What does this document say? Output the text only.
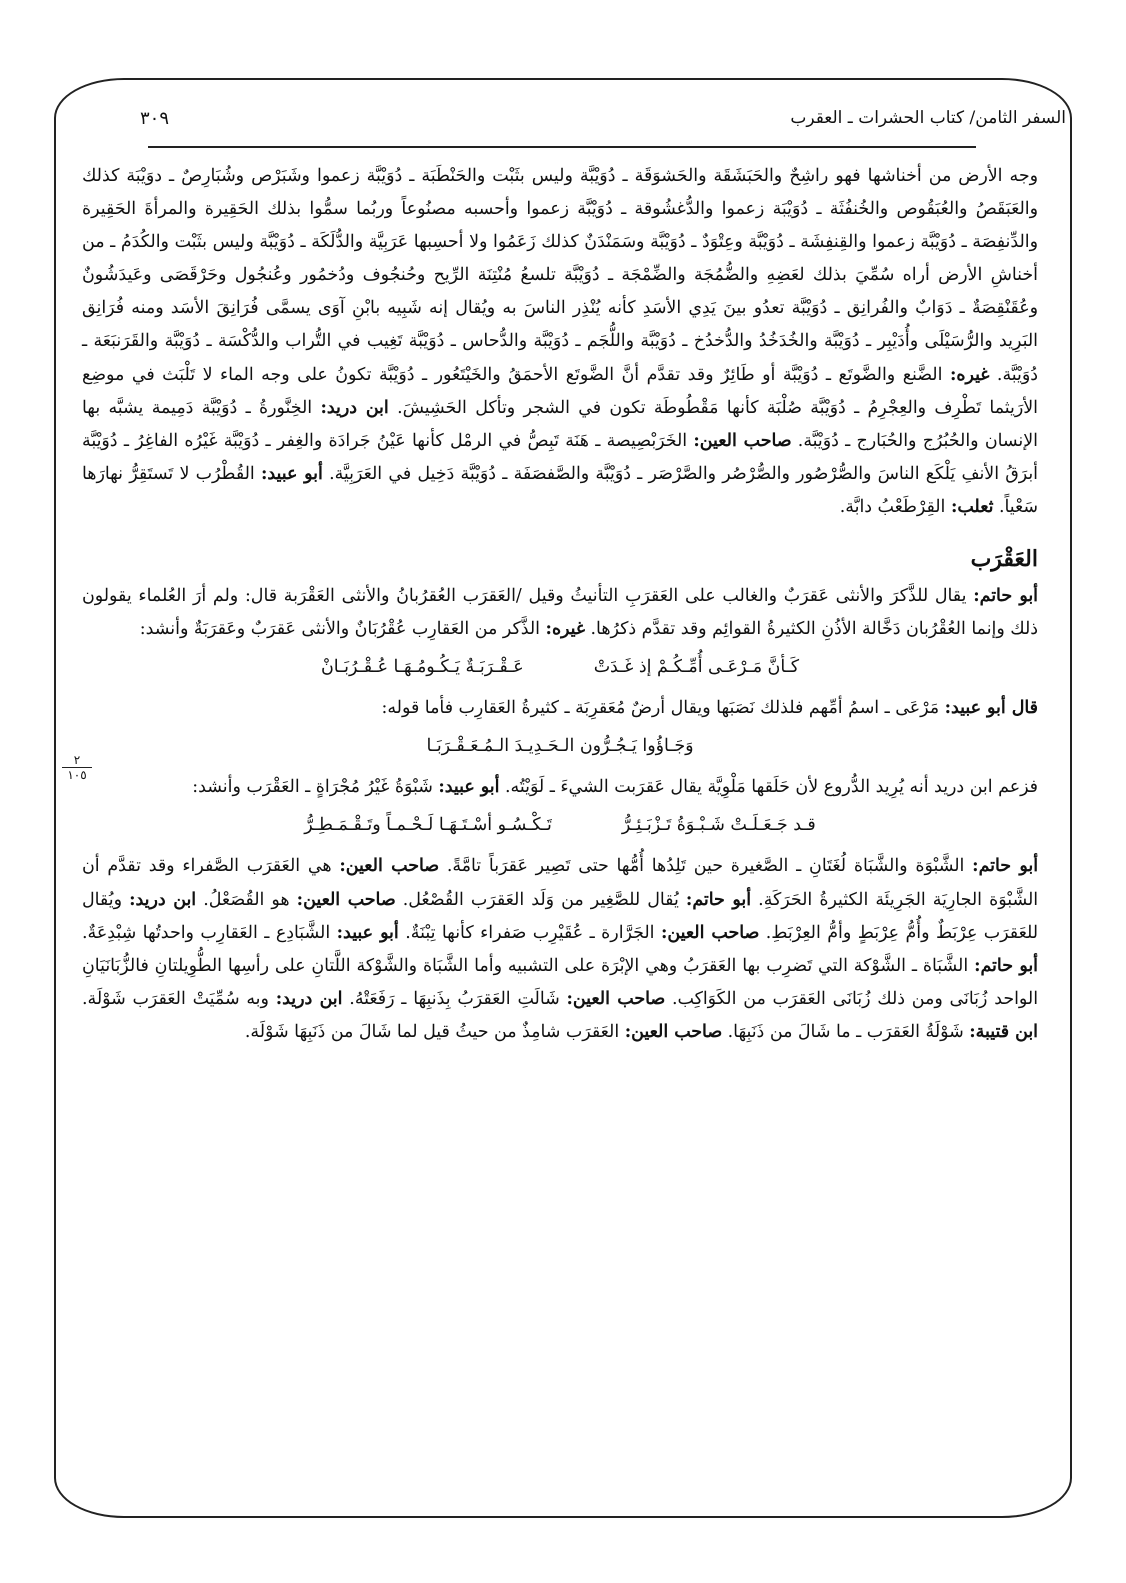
السفر الثامن/ كتاب الحشرات ـ العقرب
٣٠٩
٢
١٠٥

وجه الأرض من أخناشها فهو راشِحٌ والحَبَشَقَة والحَشوَقَة ـ دُوَيْبَّة وليس بثَبْت والحَنْطَبَة ـ دُوَيْبَّة زعموا وشَبَرْص وشُبَارِصٌ ـ دوَيْبَة كذلك والعَبَقَصُ والعُبَقُوص والخُنفُثَة ـ دُوَيْبَة زعموا والدُّغشُوقة ـ دُوَيْبَّة زعموا وأحسبه مصنُوعاً وربُما سمُّوا بذلك الحَقِيرة والمرأةَ الحَقِيرة والدِّنفِصَة ـ دُوَيْبَّة زعموا والقِنفِشَة ـ دُوَيْبَّة وعِتْوَدٌ ـ دُوَيْبَّة وسَمَنْدَنٌ كذلك زَعَمُوا ولا أحسِبها عَرَبِيَّة والدُّلَكَة ـ دُوَيْبَّة وليس بثَبْت والكُدَمُ ـ من أخناشِ الأرض أراه سُمِّيَ بذلك لعَضِهِ والضُّمُجَة والضِّمْجَة ـ دُوَيْبَّة تلسعُ مُنْتِنَة الرِّيح وحُنجُوف ودُخمُور وعُنجُول وحَرْقَصَى وعَيدَشُونٌ وعُقَنْقِصَةٌ ـ دَوَابٌ والفُرانِق ـ دُوَيْبَّة تعدُو بينَ يَدِي الأسَدِ كأنه يُنْذِر الناسَ به ويُقال إنه شَبِيه بابْنِ آوَى يسمَّى فُرَانِقَ الأسَد ومنه فُرَانِق البَرِيد والرُّسَيْلَى وأُدَيْبِر ـ دُوَيْبَّة والخُدَخُدُ والدُّخدُخ ـ دُوَيْبَّة واللُّجَم ـ دُوَيْبَّة والدُّحاس ـ دُوَيْبَّة تَغِيب في التُّراب والدُّكْسَة ـ دُوَيْبَّة والقَرَنبَعَة ـ دُوَيْبَّة. غيره: الضَّنع والضَّوتَع ـ دُوَيْبَّة أو طَائِرٌ وقد تقدَّم أنَّ الضَّوتَع الأحمَقُ والخَيْتَعُور ـ دُوَيْبَّة تكونُ على وجه الماء لا تَلْبَث في موضِع الأرَيثما تَطْرِف والعِجْرِمُ ـ دُوَيْبَّة صُلْبَة كأنها مَقْطُوطَة تكون في الشجر وتأكل الحَشِيشَ. ابن دريد: الخِنَّورةُ ـ دُوَيْبَّة دَمِيمة يشبَّه بها الإنسان والحُبُرُج والحُبَارج ـ دُوَيْبَّة. صاحب العين: الخَرَبْصِيصة ـ هَنَة تَبِصُّ في الرمْل كأنها عَيْنُ جَرادَة والغِفر ـ دُوَيْبَّة غَيْرُه الفاغِرُ ـ دُوَيْبَّة أبرَقُ الأنفِ يَلْكَع الناسَ والصُّرْصُور والصُّرْصُر والصَّرْصَر ـ دُوَيْبَّة والصَّفصَفَة ـ دُوَيْبَّة دَخِيل في العَرَبِيَّة. أبو عبيد: القُطْرُب لا تَستَقِرُّ نهارَها سَعْياً. ثعلب: القِرْطَعْبُ دابَّة.

العَقْرَب

أبو حاتم: يقال للذَّكرَ والأنثى عَقرَبٌ والغالب على العَقرَبِ التأنيثُ وقيل /العَقرَب العُقرُبانُ والأنثى العَقْرَبة قال: ولم أرَ العُلماء يقولون ذلك وإنما العُقْرُبان دَخَّالة الأذُنِ الكثيرةُ القوائِم وقد تقدَّم ذكرُها. غيره: الذَّكر من العَقارِب عُقْرُبَانٌ والأنثى عَقرَبٌ وعَقرَبَةٌ وأنشد:

كَـأنَّ مَـرْعَـى أُمِّـكُـمْ إذ غَـدَتْ
عَـقْـرَبَـةٌ يَـكُـومُـهَـا عُـقْـرُبَـانْ

قال أبو عبيد: مَرْعَى ـ اسمُ أمِّهم فلذلك نَصَبَها ويقال أرضٌ مُعَقرِبَة ـ كثيرةُ العَقارِب فأما قوله:

وَجَـاؤُوا يَـجُـرُّون الـحَـدِيـدَ الـمُـعَـقْـرَبَـا

فزعم ابن دريد أنه يُرِيد الدُّروع لأن حَلَقها مَلْوِيَّة يقال عَقرَبت الشيءَ ـ لَوَيْتُه. أبو عبيد: شَبْوَةُ غَيْرُ مُجْرَاةٍ ـ العَقْرَب وأنشد:

قـد جَـعَـلَـتْ شَـبْـوَةُ تَـزْبَـئِـرُّ
تَـكْـسُـو أسْـتَـهَـا لَـحْـمـاً وتَـقْـمَـطِـرُّ

أبو حاتم: الشَّبْوَة والشَّبَاة لُغَتَانِ ـ الصَّغيرة حين تَلِدُها أُمُّها حتى تَصِير عَقرَباً تامَّةً. صاحب العين: هي العَقرَب الصَّفراء وقد تقدَّم أن الشَّبْوَة الجارِيَة الجَرِيئَة الكثيرةُ الحَرَكَةِ. أبو حاتم: يُقال للصَّغِير من وَلَد العَقرَب القُصْعُل. صاحب العين: هو القُصَعْلُ. ابن دريد: ويُقال للعَقرَب عِرْبَطٌ وأُمُّ عِرْبَطٍ وأمُّ العِرْبَطِ. صاحب العين: الجَرَّارة ـ عُقَيْرِب صَفراء كأنها تِبْنَةٌ. أبو عبيد: الشَّبَادِع ـ العَقارِب واحدتُها شِبْدِعَةٌ. أبو حاتم: الشَّبَاة ـ الشَّوْكة التي تَضرِب بها العَقرَبُ وهي الإبْرَة على التشبيه وأما الشَّبَاة والشَّوْكة اللَّتانِ على رأسِها الطُّوِيلتانِ فالزُّبَانَيَانِ الواحد زُبَانَى ومن ذلك زُبَانَى العَقرَب من الكَوَاكِب. صاحب العين: شَالَتِ العَقرَبُ بِذَنبِهَا ـ رَفَعَتْهُ. ابن دريد: وبه سُمِّيَتْ العَقرَب شَوْلَة. ابن قتيبة: شَوْلَةُ العَقرَب ـ ما شَالَ من ذَنَبِهَا. صاحب العين: العَقرَب شامِذٌ من حيثُ قيل لما شَالَ من ذَنَبِهَا شَوْلَة.
